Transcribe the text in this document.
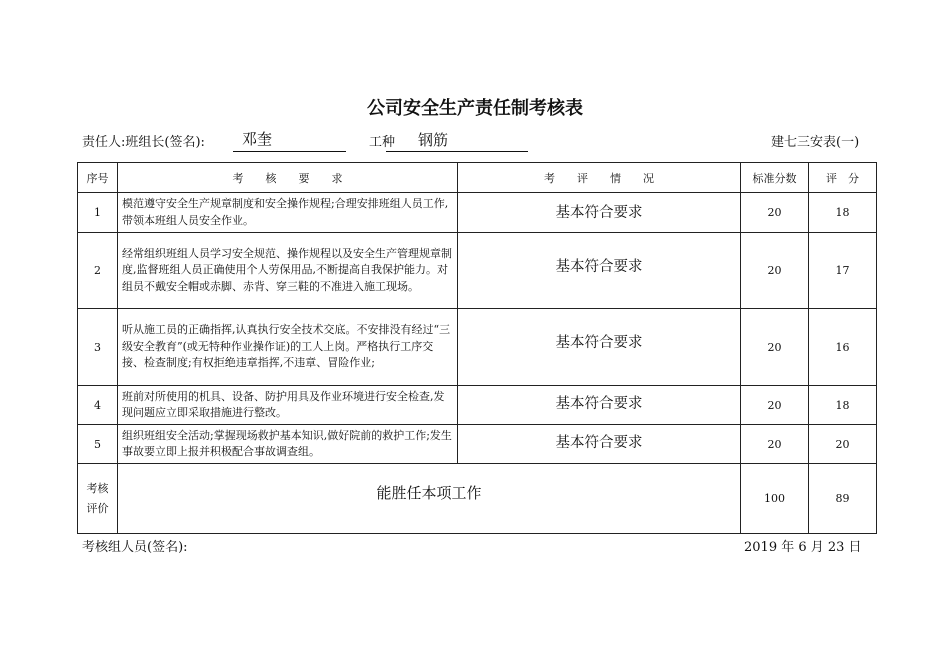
公司安全生产责任制考核表
责任人:班组长(签名): 邓奎	工种 钢筋	建七三安表(一)
序号	考　　核　　要　　求	考　　评　　情　　况	标准分数	评　分
1	模范遵守安全生产规章制度和安全操作规程;合理安排班组人员工作,带领本班组人员安全作业。	基本符合要求	20	18
2	经常组织班组人员学习安全规范、操作规程以及安全生产管理规章制度,监督班组人员正确使用个人劳保用品,不断提高自我保护能力。对组员不戴安全帽或赤脚、赤背、穿三鞋的不准进入施工现场。	基本符合要求	20	17
3	听从施工员的正确指挥,认真执行安全技术交底。不安排没有经过“三级安全教育”(或无特种作业操作证)的工人上岗。严格执行工序交接、检查制度;有权拒绝违章指挥,不违章、冒险作业;	基本符合要求	20	16
4	班前对所使用的机具、设备、防护用具及作业环境进行安全检查,发现问题应立即采取措施进行整改。	基本符合要求	20	18
5	组织班组安全活动;掌握现场救护基本知识,做好院前的救护工作;发生事故要立即上报并积极配合事故调查组。	基本符合要求	20	20

考核
评价	能胜任本项工作		100	89
考核组人员(签名):	2019 年 6 月 23 日
